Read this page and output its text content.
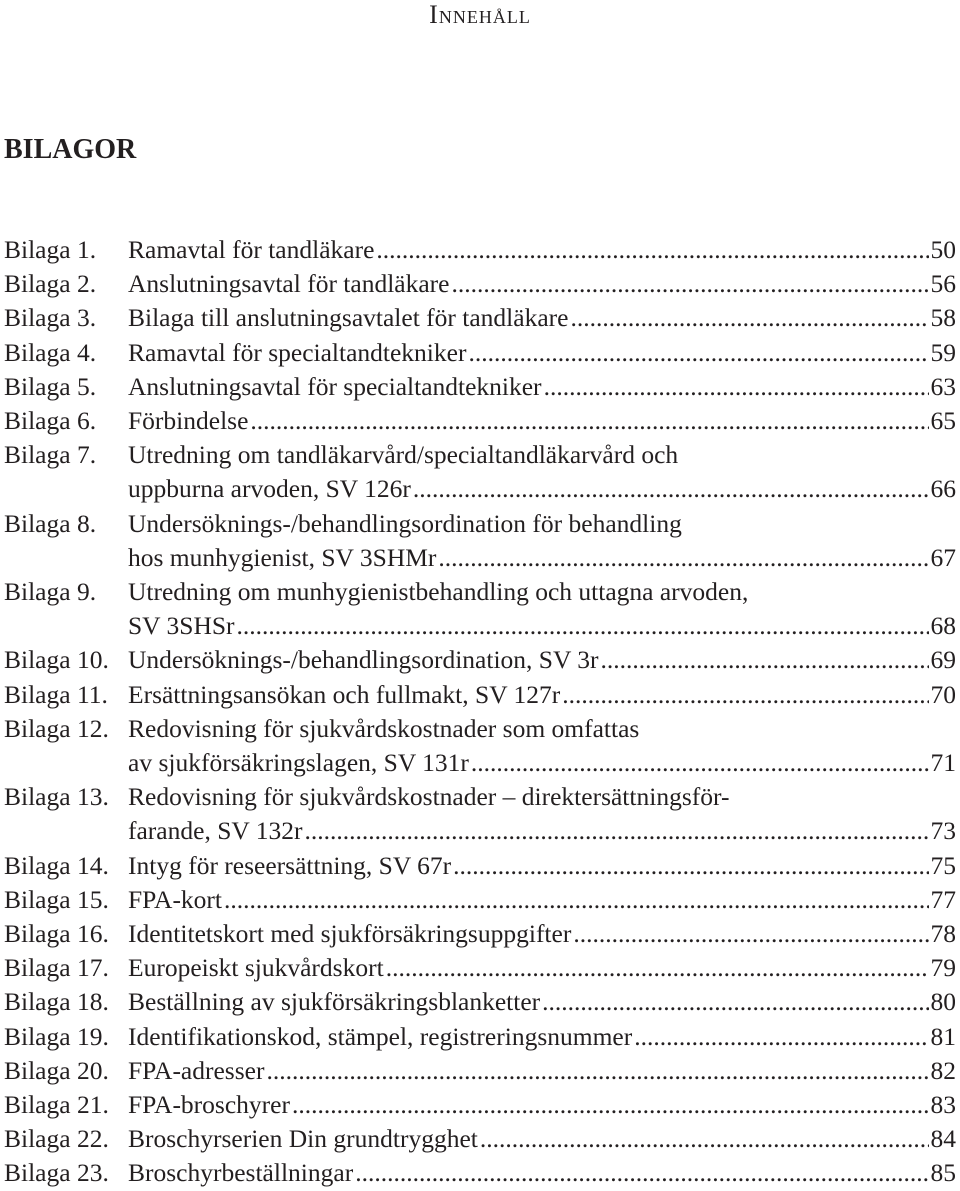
Innehåll
BILAGOR
Bilaga 1.	Ramavtal för tandläkare .....	50
Bilaga 2.	Anslutningsavtal för tandläkare .....	56
Bilaga 3.	Bilaga till anslutningsavtalet för tandläkare .....	58
Bilaga 4.	Ramavtal för specialtandtekniker .....	59
Bilaga 5.	Anslutningsavtal för specialtandtekniker .....	63
Bilaga 6.	Förbindelse .....	65
Bilaga 7.	Utredning om tandläkarvård/specialtandläkarvård och
uppburna arvoden, SV 126r .....	66
Bilaga 8.	Undersöknings-/behandlingsordination för behandling
hos munhygienist, SV 3SHMr .....	67
Bilaga 9.	Utredning om munhygienistbehandling och uttagna arvoden,
SV 3SHSr .....	68
Bilaga 10. Undersöknings-/behandlingsordination, SV 3r .....	69
Bilaga 11. Ersättningsansökan och fullmakt, SV 127r .....	70
Bilaga 12. Redovisning för sjukvårdskostnader som omfattas
av sjukförsäkringslagen, SV 131r .....	71
Bilaga 13. Redovisning för sjukvårdskostnader – direktersättningsför-
farande, SV 132r .....	73
Bilaga 14. Intyg för reseersättning, SV 67r .....	75
Bilaga 15. FPA-kort .....	77
Bilaga 16. Identitetskort med sjukförsäkringsuppgifter .....	78
Bilaga 17. Europeiskt sjukvårdskort .....	79
Bilaga 18. Beställning av sjukförsäkringsblanketter .....	80
Bilaga 19. Identifikationskod, stämpel, registreringsnummer .....	81
Bilaga 20. FPA-adresser .....	82
Bilaga 21. FPA-broschyrer .....	83
Bilaga 22. Broschyrserien Din grundtrygghet .....	84
Bilaga 23. Broschyrbeställningar .....	85
